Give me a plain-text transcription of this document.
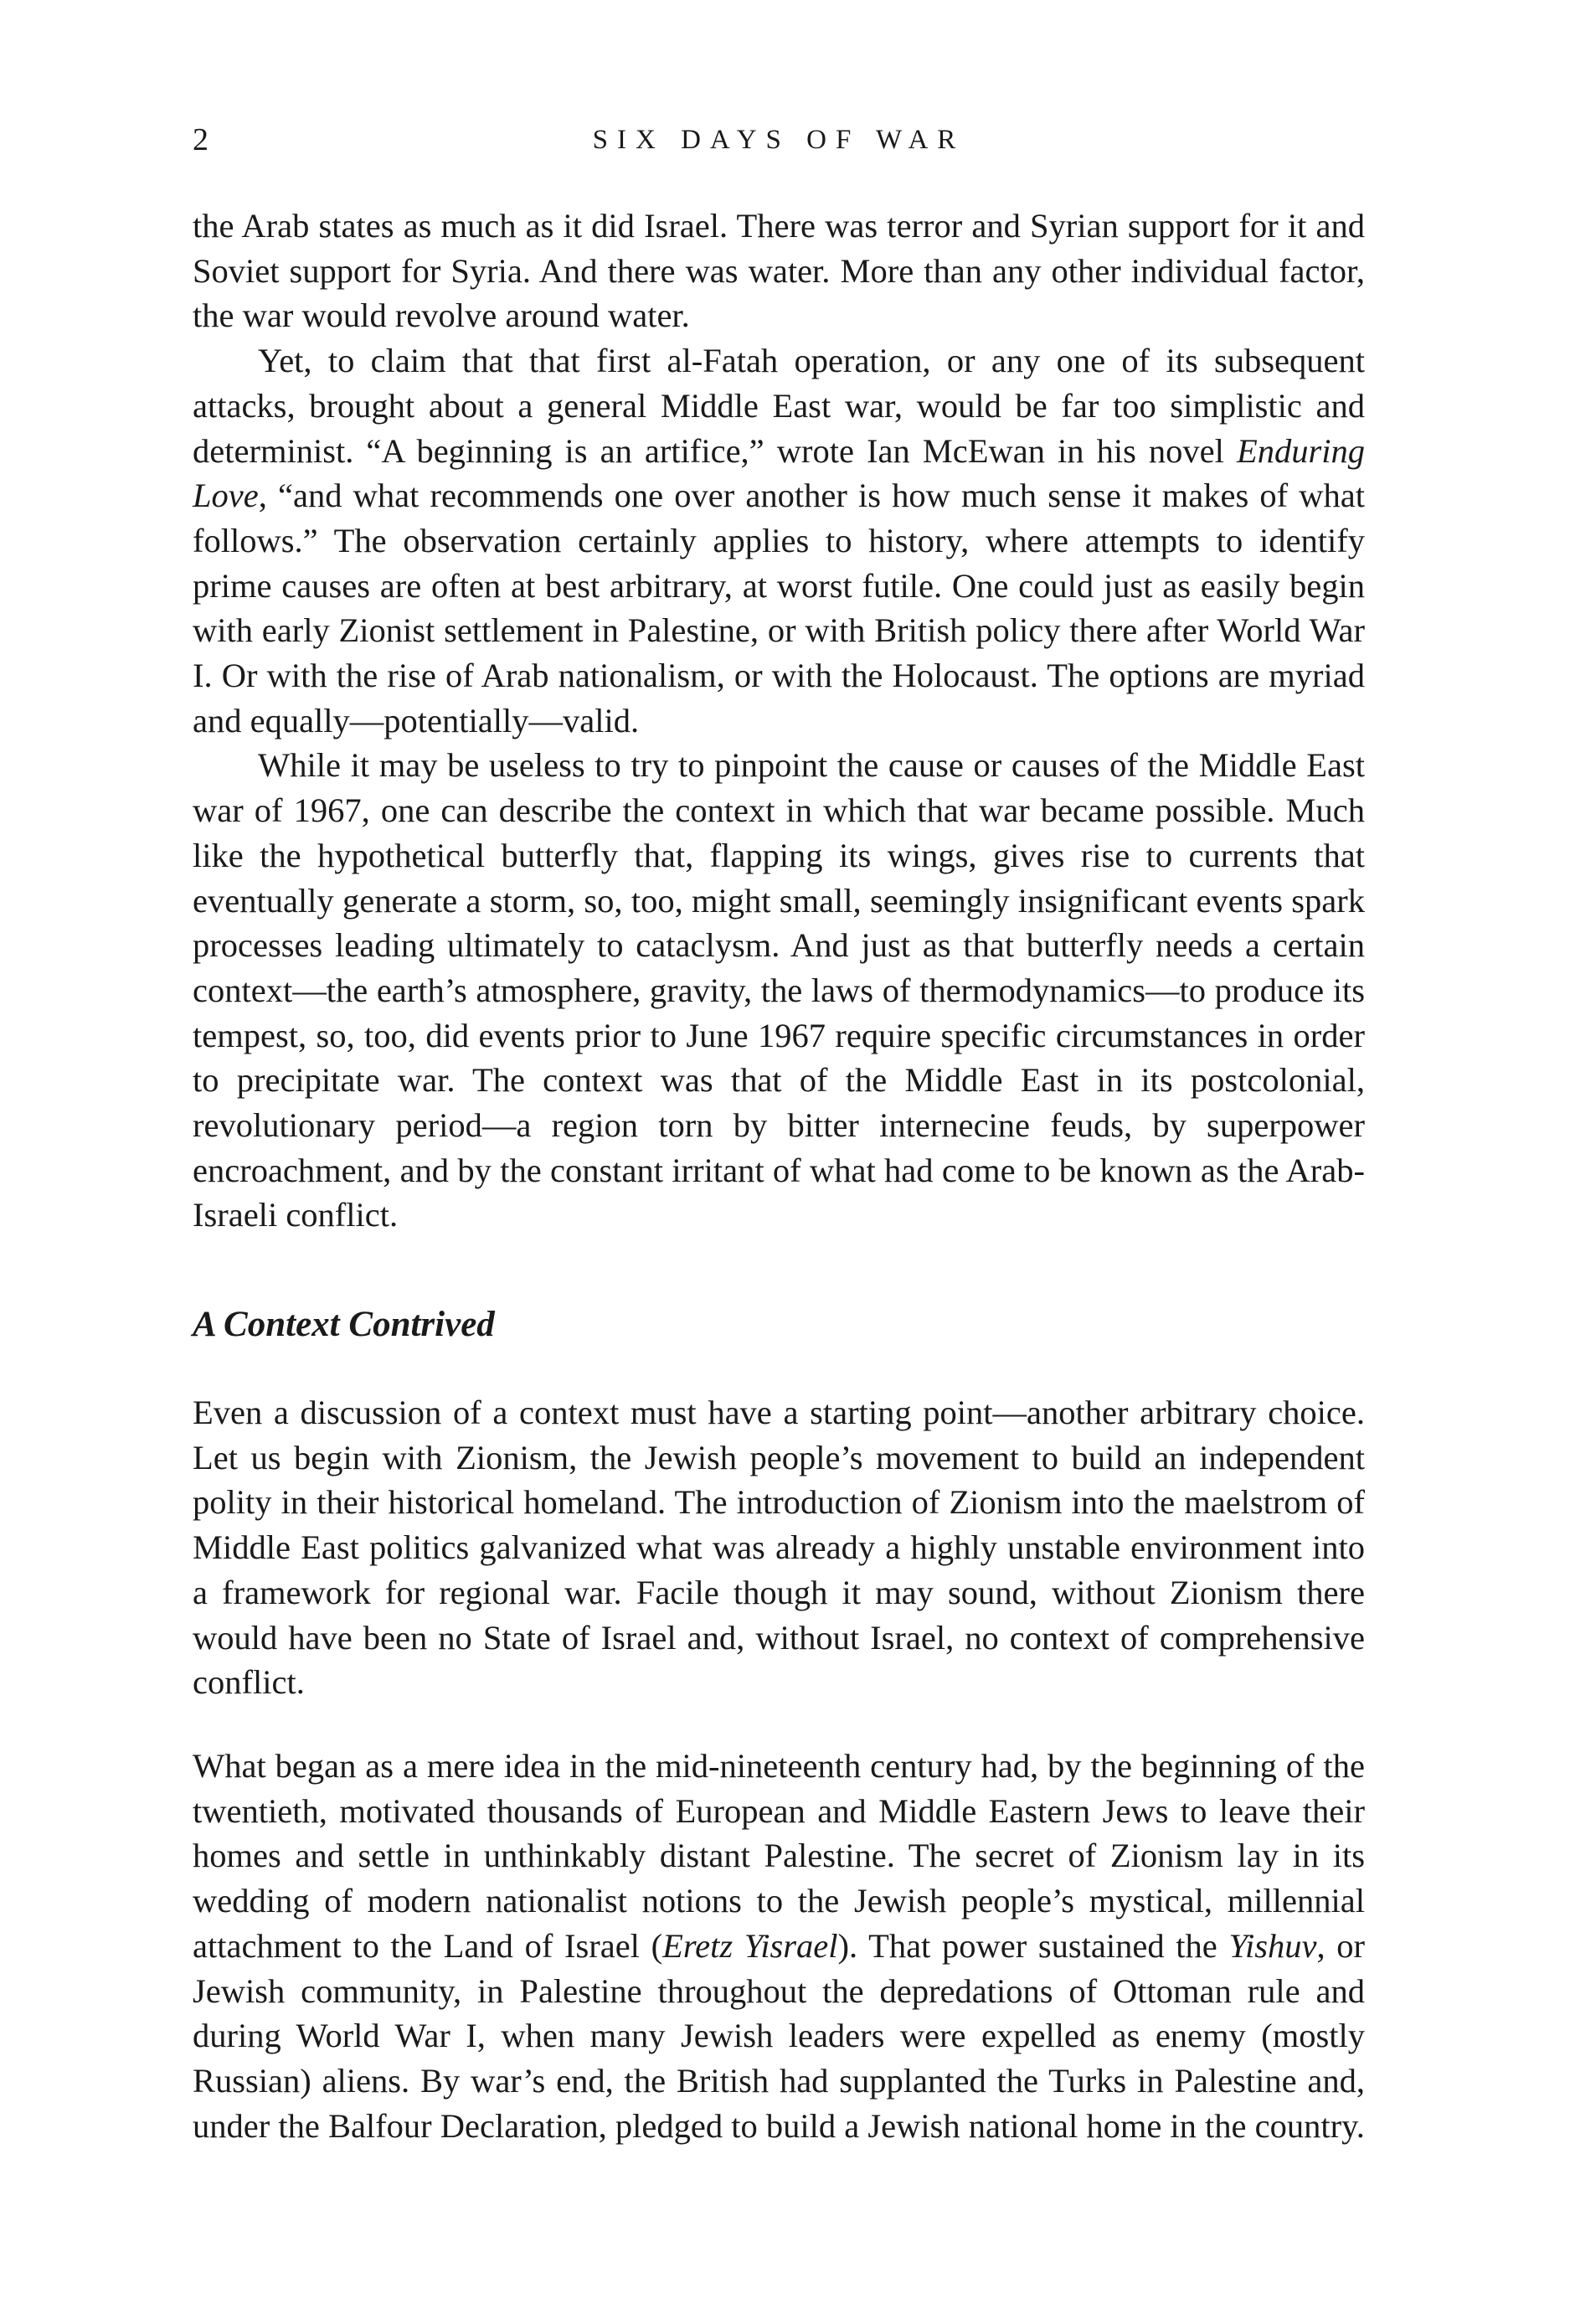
2	SIX DAYS OF WAR

the Arab states as much as it did Israel. There was terror and Syrian support for it and Soviet support for Syria. And there was water. More than any other individual factor, the war would revolve around water.

Yet, to claim that that first al-Fatah operation, or any one of its subsequent attacks, brought about a general Middle East war, would be far too simplistic and determinist. “A beginning is an artifice,” wrote Ian McEwan in his novel Enduring Love, “and what recommends one over another is how much sense it makes of what follows.” The observation certainly applies to history, where attempts to identify prime causes are often at best arbitrary, at worst futile. One could just as easily begin with early Zionist settlement in Palestine, or with British policy there after World War I. Or with the rise of Arab nationalism, or with the Holocaust. The options are myriad and equally—potentially—valid.

While it may be useless to try to pinpoint the cause or causes of the Middle East war of 1967, one can describe the context in which that war became possible. Much like the hypothetical butterfly that, flapping its wings, gives rise to currents that eventually generate a storm, so, too, might small, seemingly insignificant events spark processes leading ultimately to cataclysm. And just as that butterfly needs a certain context—the earth’s atmosphere, gravity, the laws of thermodynamics—to produce its tempest, so, too, did events prior to June 1967 require specific circumstances in order to precipitate war. The context was that of the Middle East in its postcolonial, revolutionary period—a region torn by bitter internecine feuds, by superpower encroachment, and by the constant irritant of what had come to be known as the Arab-Israeli conflict.

A Context Contrived

Even a discussion of a context must have a starting point—another arbitrary choice. Let us begin with Zionism, the Jewish people’s movement to build an independent polity in their historical homeland. The introduction of Zionism into the maelstrom of Middle East politics galvanized what was already a highly unstable environment into a framework for regional war. Facile though it may sound, without Zionism there would have been no State of Israel and, without Israel, no context of comprehensive conflict.

What began as a mere idea in the mid-nineteenth century had, by the beginning of the twentieth, motivated thousands of European and Middle Eastern Jews to leave their homes and settle in unthinkably distant Palestine. The secret of Zionism lay in its wedding of modern nationalist notions to the Jewish people’s mystical, millennial attachment to the Land of Israel (Eretz Yisrael). That power sustained the Yishuv, or Jewish community, in Palestine throughout the depredations of Ottoman rule and during World War I, when many Jewish leaders were expelled as enemy (mostly Russian) aliens. By war’s end, the British had supplanted the Turks in Palestine and, under the Balfour Declaration, pledged to build a Jewish national home in the country.
